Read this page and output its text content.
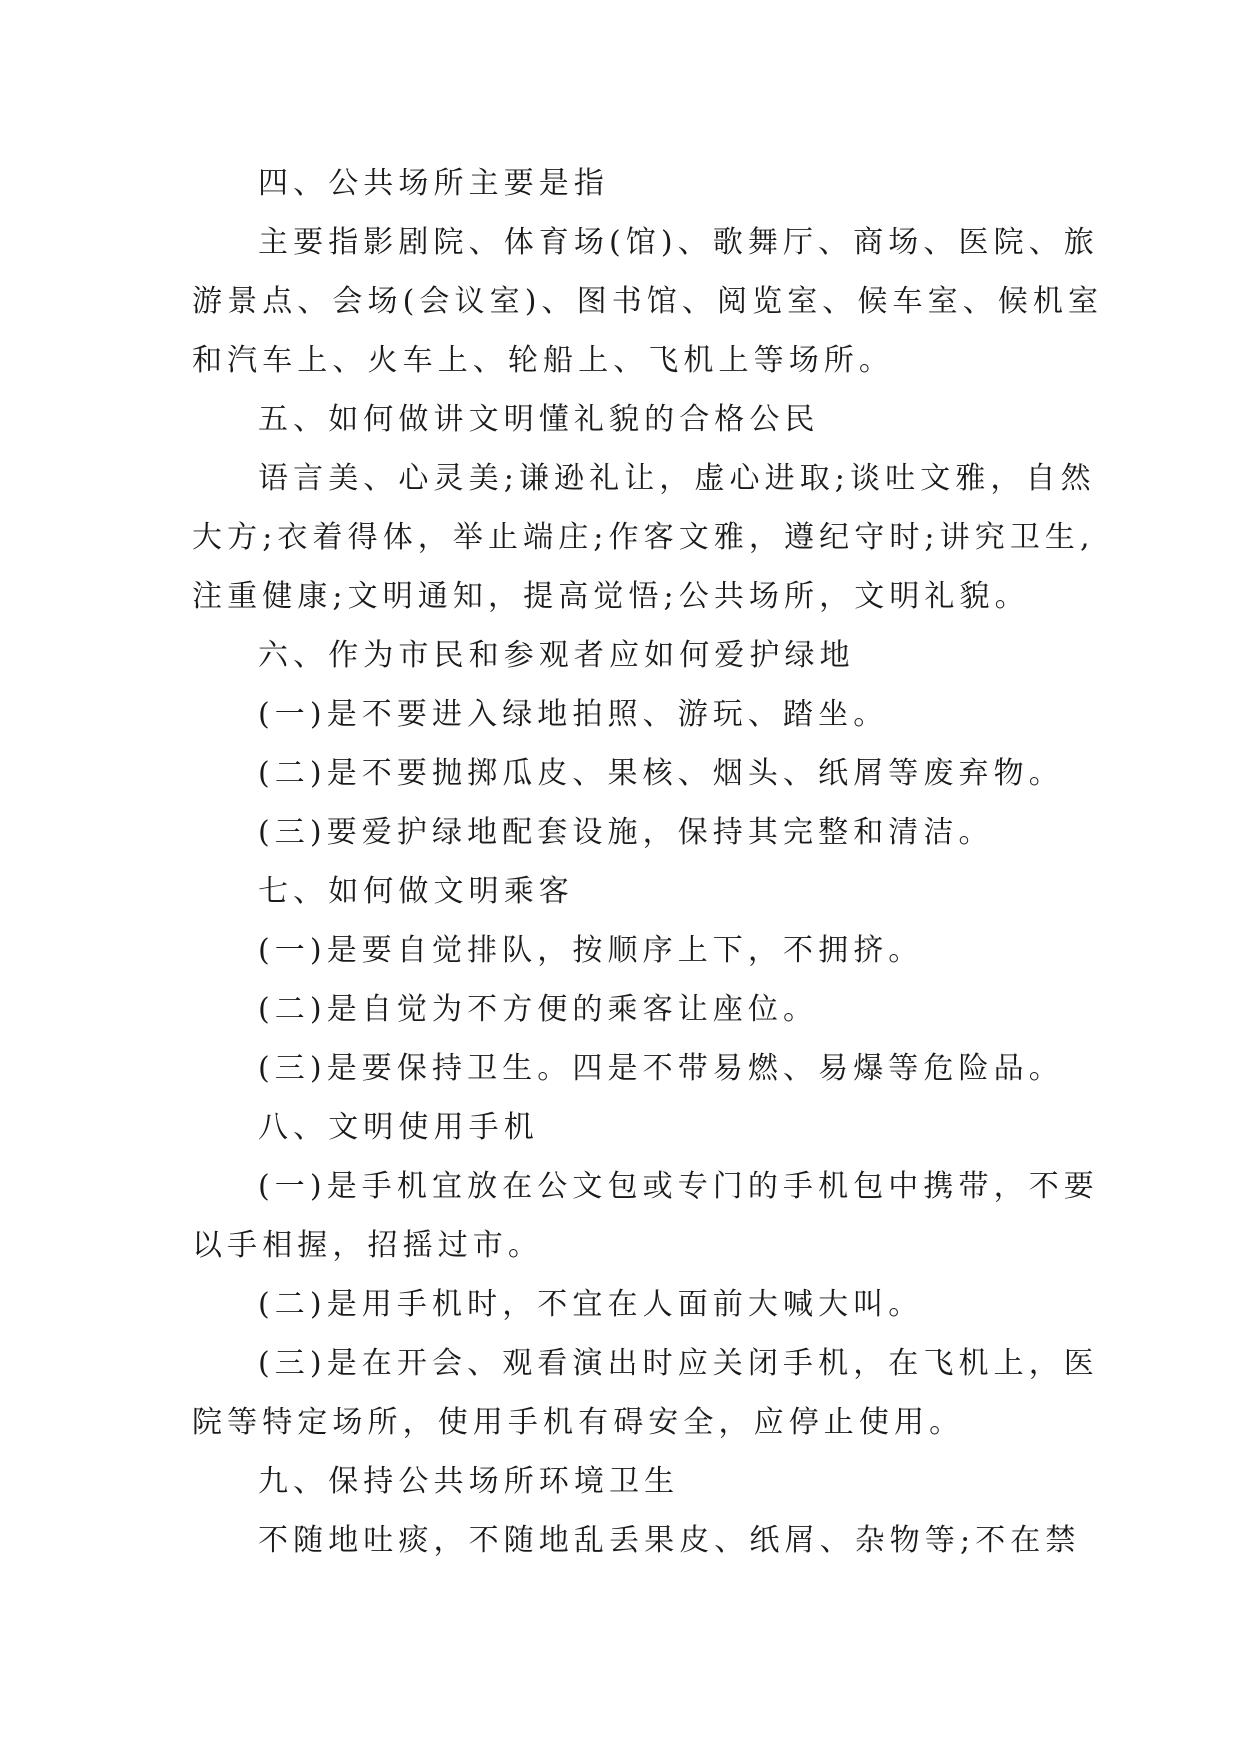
四、公共场所主要是指
主要指影剧院、体育场(馆)、歌舞厅、商场、医院、旅
游景点、会场(会议室)、图书馆、阅览室、候车室、候机室
和汽车上、火车上、轮船上、飞机上等场所。
五、如何做讲文明懂礼貌的合格公民
语言美、心灵美;谦逊礼让，虚心进取;谈吐文雅，自然
大方;衣着得体，举止端庄;作客文雅，遵纪守时;讲究卫生,
注重健康;文明通知，提高觉悟;公共场所，文明礼貌。
六、作为市民和参观者应如何爱护绿地
(一)是不要进入绿地拍照、游玩、踏坐。
(二)是不要抛掷瓜皮、果核、烟头、纸屑等废弃物。
(三)要爱护绿地配套设施，保持其完整和清洁。
七、如何做文明乘客
(一)是要自觉排队，按顺序上下，不拥挤。
(二)是自觉为不方便的乘客让座位。
(三)是要保持卫生。四是不带易燃、易爆等危险品。
八、文明使用手机
(一)是手机宜放在公文包或专门的手机包中携带，不要
以手相握，招摇过市。
(二)是用手机时，不宜在人面前大喊大叫。
(三)是在开会、观看演出时应关闭手机，在飞机上，医
院等特定场所，使用手机有碍安全，应停止使用。
九、保持公共场所环境卫生
不随地吐痰，不随地乱丢果皮、纸屑、杂物等;不在禁
